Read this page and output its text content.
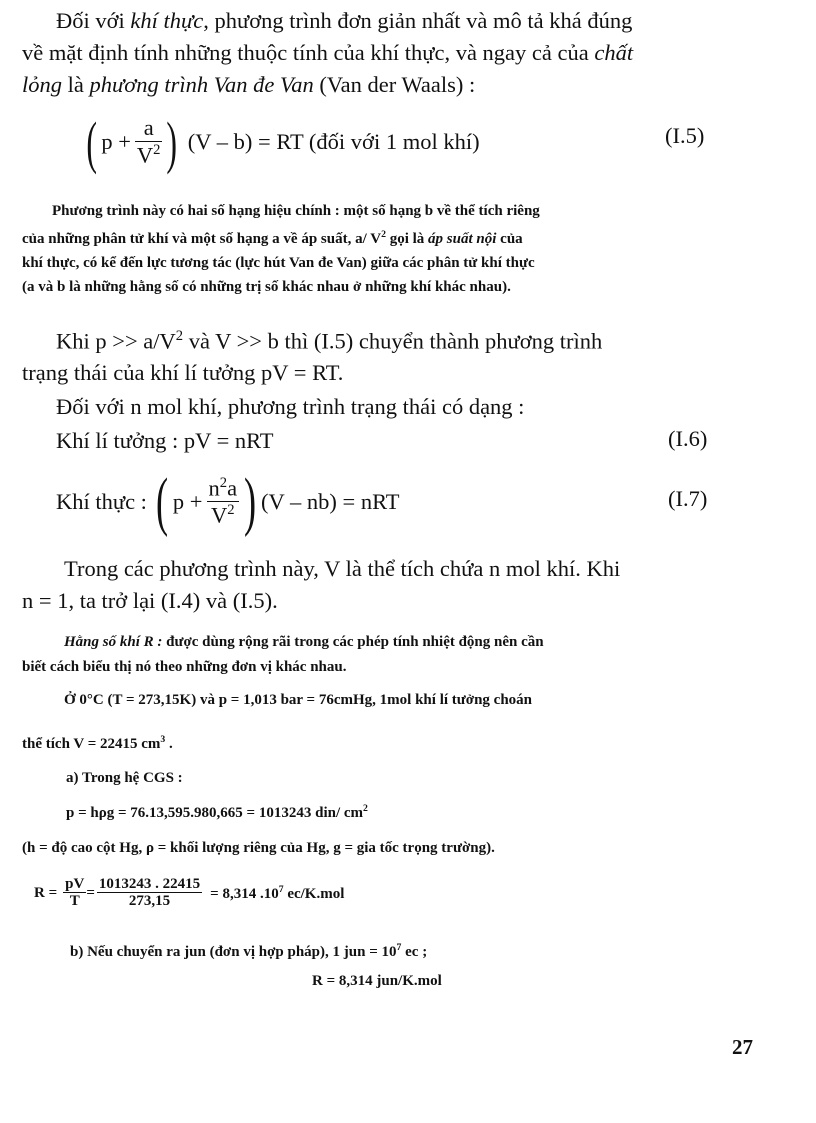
Đối với khí thực, phương trình đơn giản nhất và mô tả khá đúng
về mặt định tính những thuộc tính của khí thực, và ngay cả của chất
lỏng là phương trình Van đe Van (Van der Waals) :
( $p + \frac{a}{V^2}$ ) (V – b) = RT (đối với 1 mol khí)	(I.5)
Phương trình này có hai số hạng hiệu chính : một số hạng b về thể tích riêng
của những phân tử khí và một số hạng a về áp suất, a/ $V^2$ gọi là áp suất nội của
khí thực, có kể đến lực tương tác (lực hút Van đe Van) giữa các phân tử khí thực
(a và b là những hằng số có những trị số khác nhau ở những khí khác nhau).
Khi $p >> a/V^2$ và V >> b thì (I.5) chuyển thành phương trình
trạng thái của khí lí tưởng pV = RT.
Đối với n mol khí, phương trình trạng thái có dạng :
Khí lí tưởng : pV = nRT	(I.6)
Khí thực : ( $p + \frac{n^2a}{V^2}$ ) (V – nb) = nRT	(I.7)
Trong các phương trình này, V là thể tích chứa n mol khí. Khi
n = 1, ta trở lại (I.4) và (I.5).
Hằng số khí R : được dùng rộng rãi trong các phép tính nhiệt động nên cần
biết cách biểu thị nó theo những đơn vị khác nhau.
Ở 0°C (T = 273,15K) và p = 1,013 bar = 76cmHg, 1mol khí lí tưởng choán
thể tích V = 22415 $cm^3$ .
a) Trong hệ CGS :
p = hρg = 76.13,595.980,665 = 1013243 din/ $cm^2$
(h = độ cao cột Hg, ρ = khối lượng riêng của Hg, g = gia tốc trọng trường).
$R = \frac{pV}{T} = \frac{1013243 . 22415}{273,15} = 8,314$ $.10^7$ ec/K.mol
b) Nếu chuyển ra jun (đơn vị hợp pháp), 1 jun = $10^7$ ec ;
R = 8,314 jun/K.mol
27
